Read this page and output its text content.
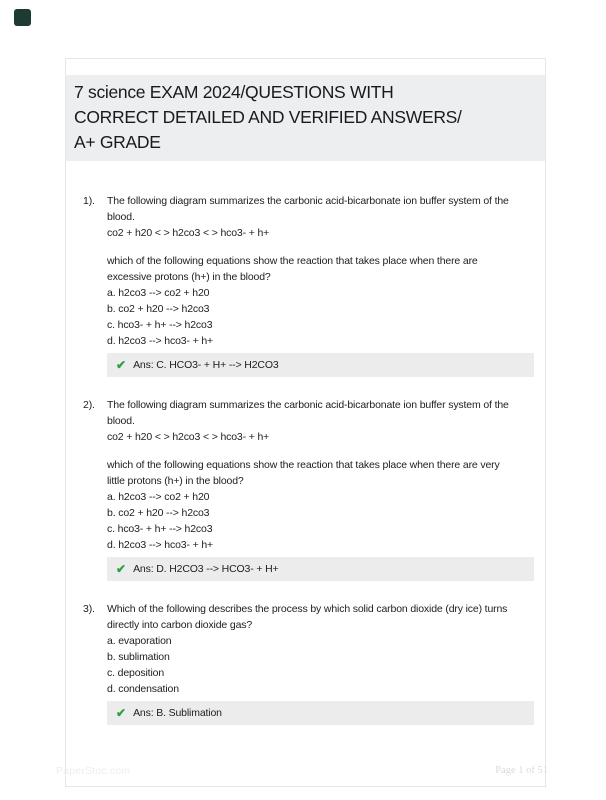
7 science EXAM 2024/QUESTIONS WITH
CORRECT DETAILED AND VERIFIED ANSWERS/
A+ GRADE
1).	The following diagram summarizes the carbonic acid-bicarbonate ion buffer system of the
blood.
co2 + h20 < > h2co3 < > hco3- + h+
which of the following equations show the reaction that takes place when there are
excessive protons (h+) in the blood?
a. h2co3 --> co2 + h20
b. co2 + h20 --> h2co3
c. hco3- + h+ --> h2co3
d. h2co3 --> hco3- + h+
✔ Ans: C. HCO3- + H+ --> H2CO3
2).	The following diagram summarizes the carbonic acid-bicarbonate ion buffer system of the
blood.
co2 + h20 < > h2co3 < > hco3- + h+
which of the following equations show the reaction that takes place when there are very
little protons (h+) in the blood?
a. h2co3 --> co2 + h20
b. co2 + h20 --> h2co3
c. hco3- + h+ --> h2co3
d. h2co3 --> hco3- + h+
✔ Ans: D. H2CO3 --> HCO3- + H+
3).	Which of the following describes the process by which solid carbon dioxide (dry ice) turns
directly into carbon dioxide gas?
a. evaporation
b. sublimation
c. deposition
d. condensation
✔ Ans: B. Sublimation
PaperStoc.com	Page 1 of 51
